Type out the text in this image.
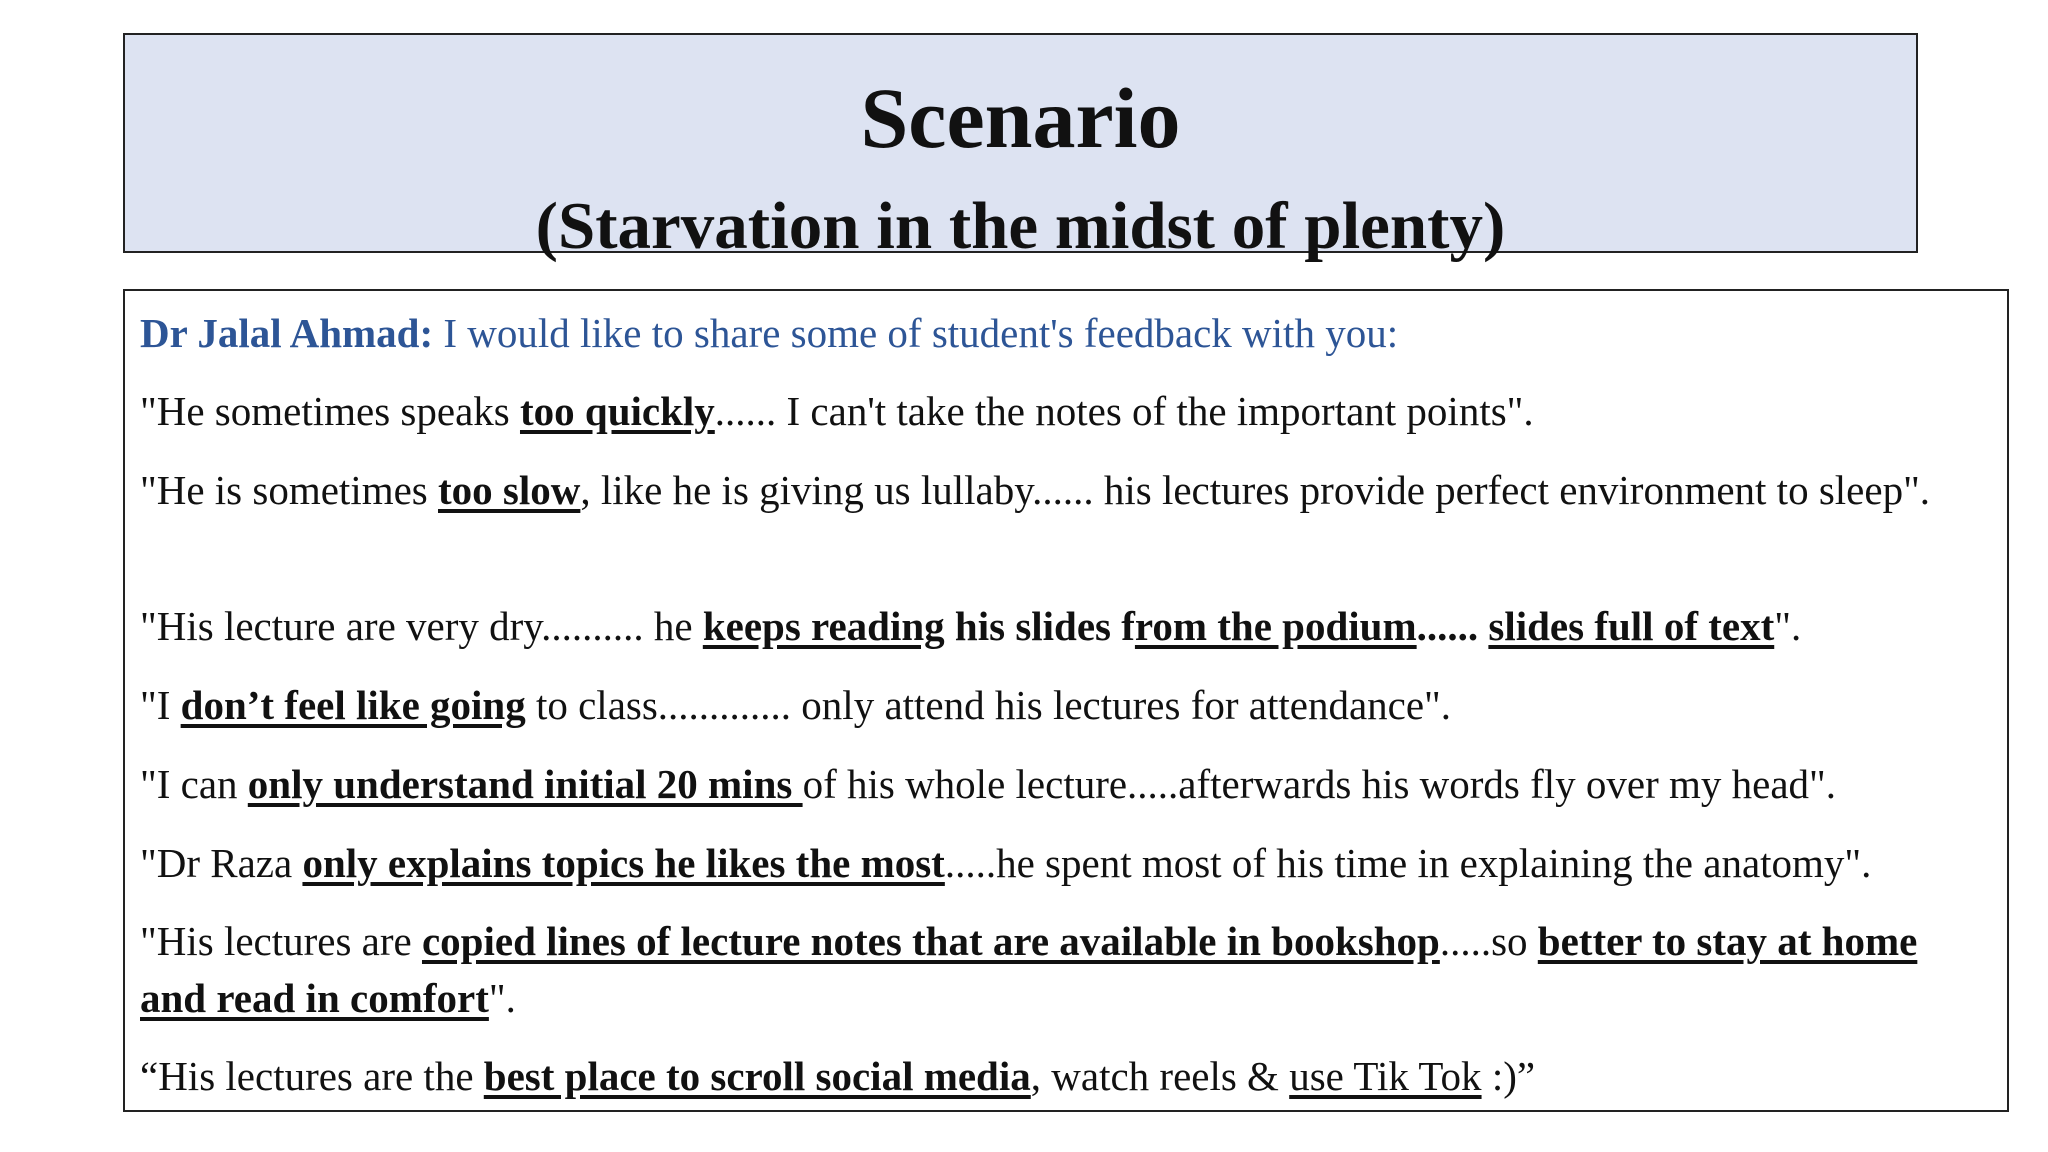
Scenario
(Starvation in the midst of plenty)
Dr Jalal Ahmad: I would like to share some of student's feedback with you:
"He sometimes speaks too quickly...... I can't take the notes of the important points".
"He is sometimes too slow, like he is giving us lullaby...... his lectures provide perfect environment to sleep".
"His lecture are very dry.......... he keeps reading his slides from the podium...... slides full of text".
"I don’t feel like going to class............. only attend his lectures for attendance".
"I can only understand initial 20 mins of his whole lecture.....afterwards his words fly over my head".
"Dr Raza only explains topics he likes the most.....he spent most of his time in explaining the anatomy".
"His lectures are copied lines of lecture notes that are available in bookshop.....so better to stay at home and read in comfort".
“His lectures are the best place to scroll social media, watch reels & use Tik Tok :)”
